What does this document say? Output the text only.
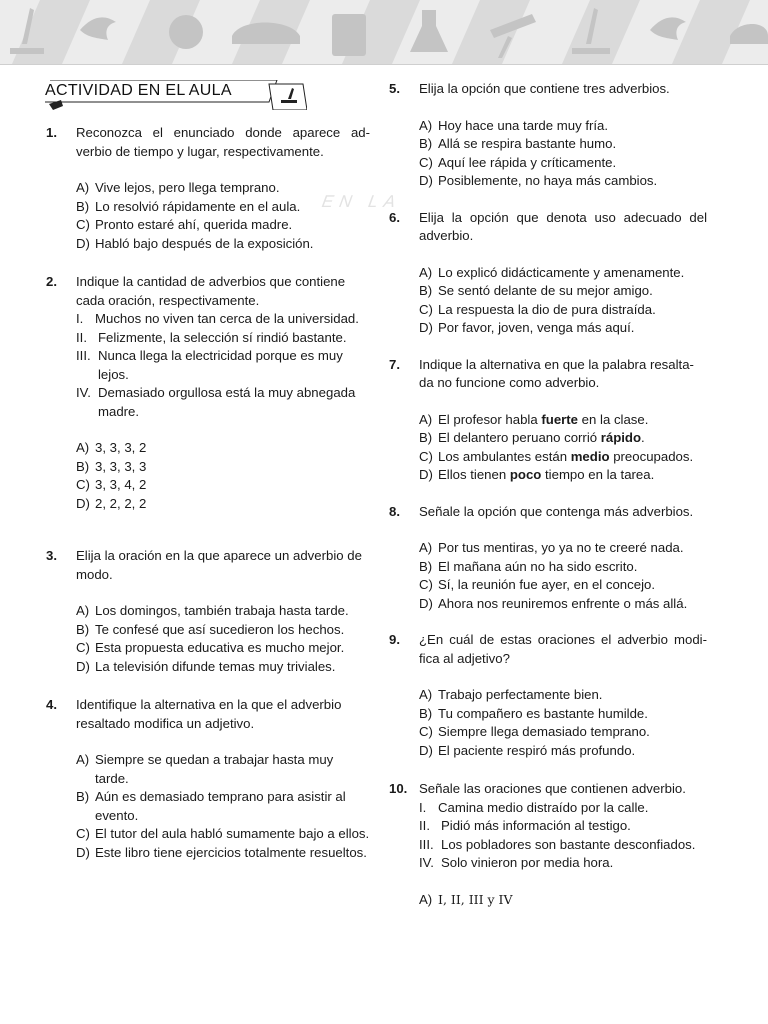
EN LA
ACTIVIDAD EN EL AULA
1. Reconozca el enunciado donde aparece ad- verbio de tiempo y lugar, respectivamente.
A) Vive lejos, pero llega temprano.
B) Lo resolvió rápidamente en el aula.
C) Pronto estaré ahí, querida madre.
D) Habló bajo después de la exposición.
2. Indique la cantidad de adverbios que contiene cada oración, respectivamente.
I. Muchos no viven tan cerca de la universidad.
II. Felizmente, la selección sí rindió bastante.
III. Nunca llega la electricidad porque es muy lejos.
IV. Demasiado orgullosa está la muy abnegada madre.
A) 3, 3, 3, 2
B) 3, 3, 3, 3
C) 3, 3, 4, 2
D) 2, 2, 2, 2
3. Elija la oración en la que aparece un adverbio de modo.
A) Los domingos, también trabaja hasta tarde.
B) Te confesé que así sucedieron los hechos.
C) Esta propuesta educativa es mucho mejor.
D) La televisión difunde temas muy triviales.
4. Identifique la alternativa en la que el adverbio resaltado modifica un adjetivo.
A) Siempre se quedan a trabajar hasta muy tarde.
B) Aún es demasiado temprano para asistir al evento.
C) El tutor del aula habló sumamente bajo a ellos.
D) Este libro tiene ejercicios totalmente resueltos.
5. Elija la opción que contiene tres adverbios.
A) Hoy hace una tarde muy fría.
B) Allá se respira bastante humo.
C) Aquí lee rápida y críticamente.
D) Posiblemente, no haya más cambios.
6. Elija la opción que denota uso adecuado del adverbio.
A) Lo explicó didácticamente y amenamente.
B) Se sentó delante de su mejor amigo.
C) La respuesta la dio de pura distraída.
D) Por favor, joven, venga más aquí.
7. Indique la alternativa en que la palabra resalta- da no funcione como adverbio.
A) El profesor habla fuerte en la clase.
B) El delantero peruano corrió rápido.
C) Los ambulantes están medio preocupados.
D) Ellos tienen poco tiempo en la tarea.
8. Señale la opción que contenga más adverbios.
A) Por tus mentiras, yo ya no te creeré nada.
B) El mañana aún no ha sido escrito.
C) Sí, la reunión fue ayer, en el concejo.
D) Ahora nos reuniremos enfrente o más allá.
9. ¿En cuál de estas oraciones el adverbio modi- fica al adjetivo?
A) Trabajo perfectamente bien.
B) Tu compañero es bastante humilde.
C) Siempre llega demasiado temprano.
D) El paciente respiró más profundo.
10. Señale las oraciones que contienen adverbio.
I. Camina medio distraído por la calle.
II. Pidió más información al testigo.
III. Los pobladores son bastante desconfiados.
IV. Solo vinieron por media hora.
A) I, II, III y IV
